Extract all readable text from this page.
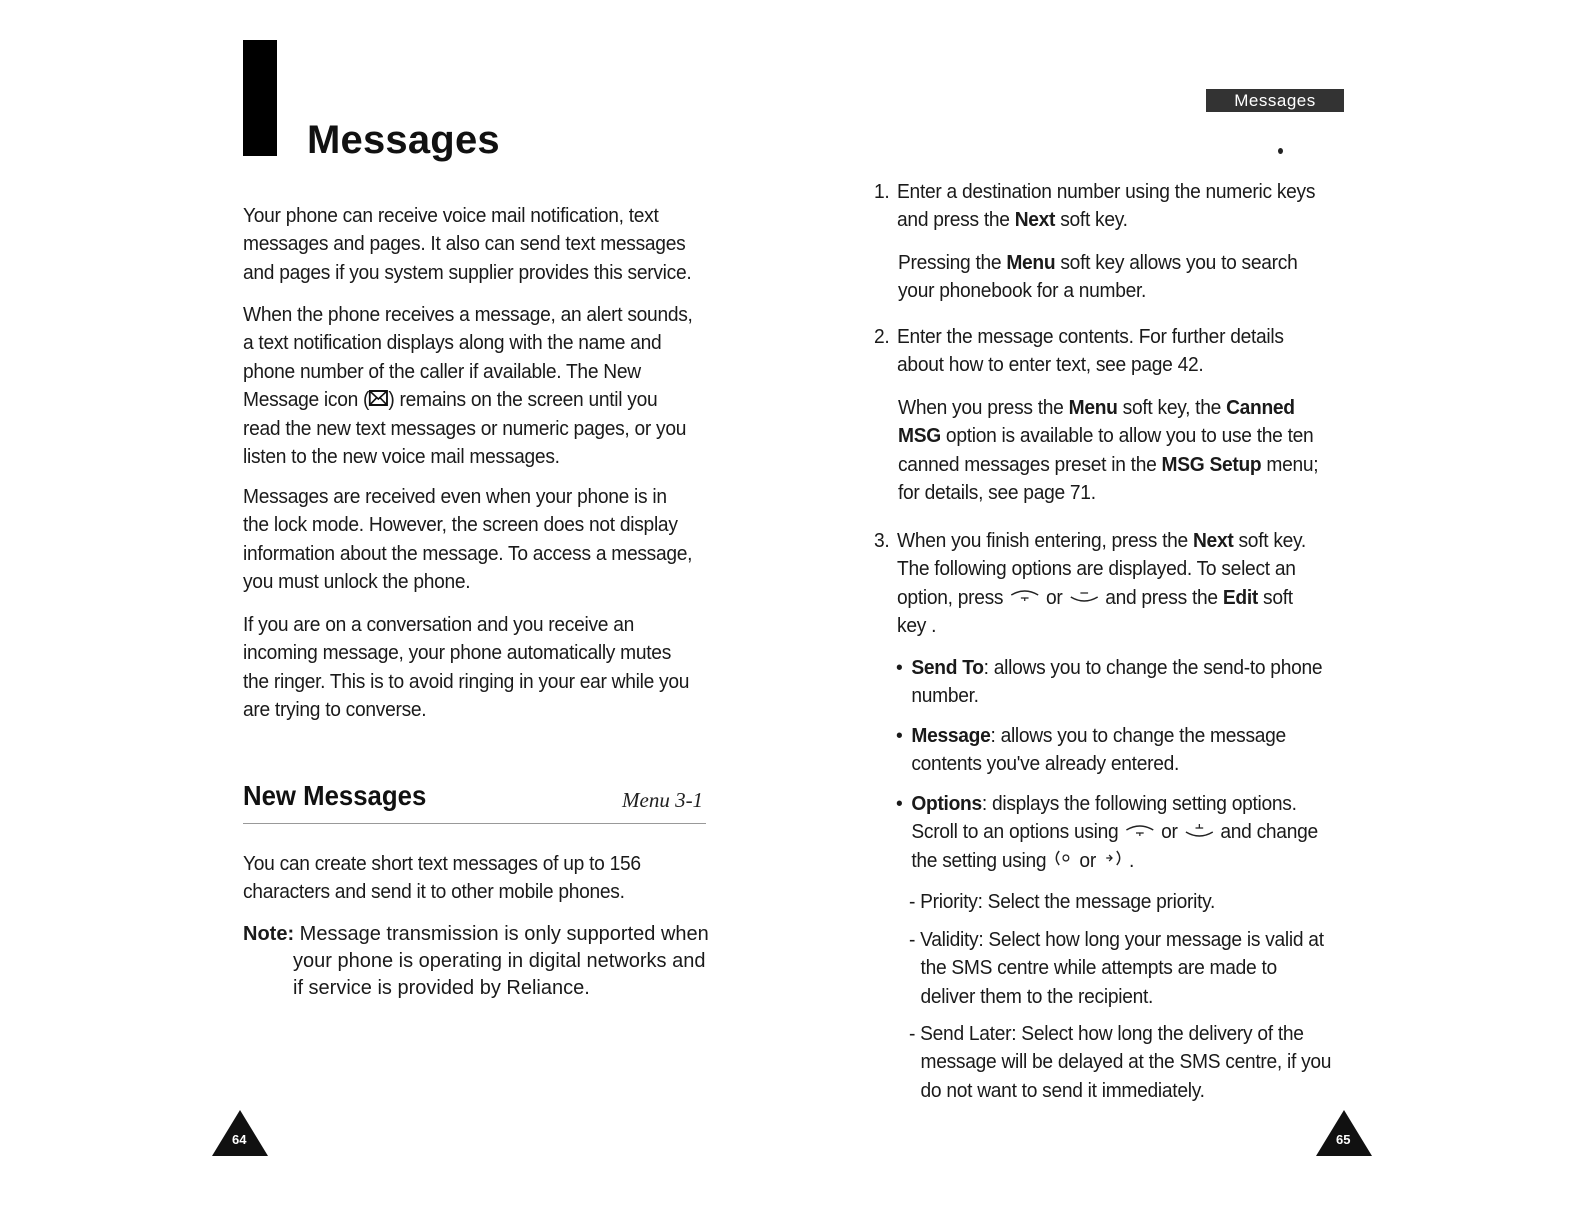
Messages
Your phone can receive voice mail notification, text messages and pages. It also can send text messages and pages if you system supplier provides this service.
When the phone receives a message, an alert sounds, a text notification displays along with the name and phone number of the caller if available. The New Message icon ( ) remains on the screen until you read the new text messages or numeric pages, or you listen to the new voice mail messages.
Messages are received even when your phone is in the lock mode. However, the screen does not display information about the message. To access a message, you must unlock the phone.
If you are on a conversation and you receive an incoming message, your phone automatically mutes the ringer. This is to avoid ringing in your ear while you are trying to converse.
New Messages	Menu 3-1
You can create short text messages of up to 156 characters and send it to other mobile phones.
Note: Message transmission is only supported when
your phone is operating in digital networks and if service is provided by Reliance.
64
Messages
1. Enter a destination number using the numeric keys and press the Next soft key.
Pressing the Menu soft key allows you to search your phonebook for a number.
2. Enter the message contents. For further details about how to enter text, see page 42.
When you press the Menu soft key, the Canned MSG option is available to allow you to use the ten canned messages preset in the MSG Setup menu; for details, see page 71.
3. When you finish entering, press the Next soft key. The following options are displayed. To select an option, press  or  and press the Edit soft key .
• Send To: allows you to change the send-to phone number.
• Message: allows you to change the message contents you've already entered.
• Options: displays the following setting options. Scroll to an options using  or  and change the setting using  or  .
- Priority: Select the message priority.
- Validity: Select how long your message is valid at the SMS centre while attempts are made to deliver them to the recipient.
- Send Later: Select how long the delivery of the message will be delayed at the SMS centre, if you do not want to send it immediately.
65
